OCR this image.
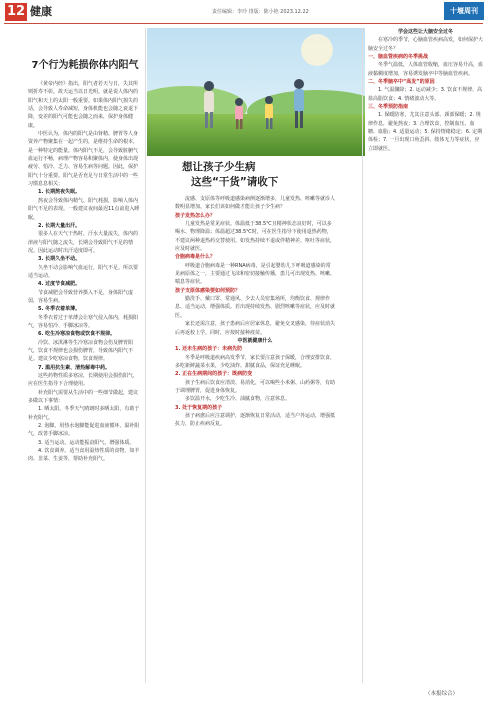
12 健康	责任编辑：李玲 排版：陈小艳 2023.12.22	十堰周刊
7个行为耗损你体内阳气

《黄帝内经》指出，阳气者若天与日，失其所则折寿不彰。故天运当以日光明。就是说人体内的阳气和天上的太阳一般重要。如果体内阳气损失的话，会导致人寿命减短，身体机能也会随之衰退下降，变差的阳气可能也会随之而来，保护身体健康。

中医认为，体内的阳气是由肾精、脾胃等人身资养产物聚集在一起产生的，是维持生命的根本，是一种特定的能量。体内阳气不足，会导致脏腑气血运行不畅，病理产物容易积聚体内，使身体出现疲劳、怕冷、乏力、容易生病等问题。因此，保护阳气十分重要。阳气是否充足与日常生活中的一些习惯息息相关：

1. 长期熬夜失眠。

熬夜会导致体内精气、阳气耗损，影响人体内阳气不足的表现。一般建议夜间最迟11点前进入睡眠。

2. 长期大量出汗。

很多人在天气干热时，汗水大量流失，体内的津液与阳气随之流失，长期会导致阳气不足的情况。因此运动时出汗适度即可。

3. 长期久坐不动。

久坐不动会影响气血运行，阳气不足。所以要适当运动。

4. 过度节食减肥。

节食减肥会导致营养摄入不足，身体阳气虚弱，容易生病。

5. 冬季衣着单薄。

冬季衣着过于单薄会让寒气侵入体内，耗损阳气，容易怕冷、手脚冰凉等。

6. 吃生冷寒凉食物或饮食不规律。

冷饮、冰淇淋等生冷寒凉食物会伤及脾胃阳气，饮食不规律也会损伤脾胃，导致体内阳气不足。建议少吃寒凉食物，饮食规律。

7. 滥用抗生素、清热解毒中药。

这些药物性质多寒凉，长期使用会损伤阳气，应在医生指导下合理使用。

补充阳气需要从生活中的一些细节做起，建议多做以下事情：

1. 晒太阳。冬季天气晴朗时多晒太阳，有助于补充阳气。

2. 泡脚。用热水泡脚能促进血液循环，温补阳气，改善手脚冰凉。

3. 适当运动。运动能振奋阳气，增强体质。

4. 饮食调养。适当食用温热性质的食物，如羊肉、韭菜、生姜等，帮助补充阳气。

想让孩子少生病
这些“干货”请收下

流感、支原体等呼吸道感染病例逐渐增多，儿童发热、咳嗽等就诊人数明显增加。家长们该如何做才能让孩子少生病？

孩子发热怎么办？

儿童发热是常见症状。体温低于38.5℃且精神状态良好时，可以多喝水、物理降温；体温超过38.5℃时，可在医生指导下使用退热药物，不建议两种退热药交替使用。如发热持续不退或伴精神差、呕吐等症状，应及时就医。

合胞病毒是什么？

呼吸道合胞病毒是一种RNA病毒，是引起婴幼儿下呼吸道感染的常见病原体之一，主要通过飞沫和密切接触传播，患儿可出现发热、咳嗽、喘息等症状。

孩子支原体感染要如何预防？

勤洗手、戴口罩、常通风、少去人员密集场所，均衡饮食、规律作息、适当运动，增强体质。若出现持续发热、剧烈咳嗽等症状，应及时就医。

家长还需注意，孩子患病后应居家休息，避免交叉感染，待症状消失后再返校上学。同时，应按时接种疫苗。

中医就健康什么

1. 还未生病的孩子：未病先防

冬季是呼吸道疾病高发季节，家长要注意孩子保暖，合理安排饮食，多吃新鲜蔬菜水果，少吃油炸、甜腻食品，保证充足睡眠。

2. 正在生病期间的孩子：既病防变

孩子生病后饮食应清淡、易消化，可以喝些小米粥、山药粥等，有助于调理脾胃，促进身体恢复。

多饮温开水，少吃生冷、油腻食物，注意休息。

3. 处于恢复期的孩子

孩子病愈后应注意调护，逐渐恢复日常活动，适当户外运动，增强抵抗力，防止疾病反复。

学会这些让大脑安全过冬

在寒冷的季节，心脑血管疾病高发，如何保护大脑安全过冬？

一、脑血管疾病的冬季挑战

冬季气温低，人体血管收缩，血压容易升高，血液黏稠度增加，容易诱发脑卒中等脑血管疾病。

二、冬季脑卒中“高发”的原因

1. 气温骤降；2. 运动减少；3. 饮食不规律、高盐高脂饮食；4. 情绪波动大等。

三、冬季预防指南

1. 保暖防寒，尤其注意头部、颈部保暖；2. 规律作息，避免熬夜；3. 合理饮食，控制血压、血糖、血脂；4. 适量运动；5. 保持情绪稳定；6. 定期体检；7. 一旦出现口角歪斜、肢体无力等症状，应立即就医。

（本报综合）
